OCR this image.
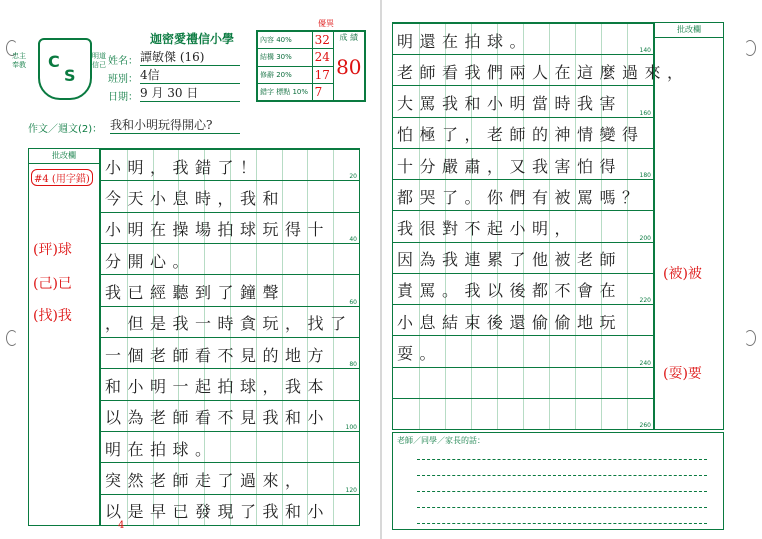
C
S
忠主奉教
明道信己
迦密愛禮信小學
姓名： 譚敏傑 (16)
班別： 4信
日期： 9 月 30 日
內容 40%	32	成 績
80

結構 30%	24	
修辭 20%	17	
錯字 標點 10%	7	
優異
作文／週文(2)： 我和小明玩得開心?
批改欄
#4 (用字錯)
(玶)球
(己)已
(找)我
小明，我錯了！
20
今天小息時，我和
小明在操場拍球玩得十
40
分開心。
我已經聽到了鐘聲
60
，但是我一時貪玩，找了
一個老師看不見的地方
80
和小明一起拍球，我本
以為老師看不見我和小
100
明在拍球。
突然老師走了過來，
120
以是早已發現了我和小
明還在拍球。
140
老師看我們兩人在這麼過來，
大罵我和小明當時我害
160
怕極了，老師的神情變得
十分嚴肅，又我害怕得
180
都哭了。你們有被罵嗎？
我很對不起小明，
200
因為我連累了他被老師
責罵。我以後都不會在
220
小息結束後還偷偷地玩
耍。
240
260
批改欄
(被)被
(耍)要
老師／同學／家長的話：
4
